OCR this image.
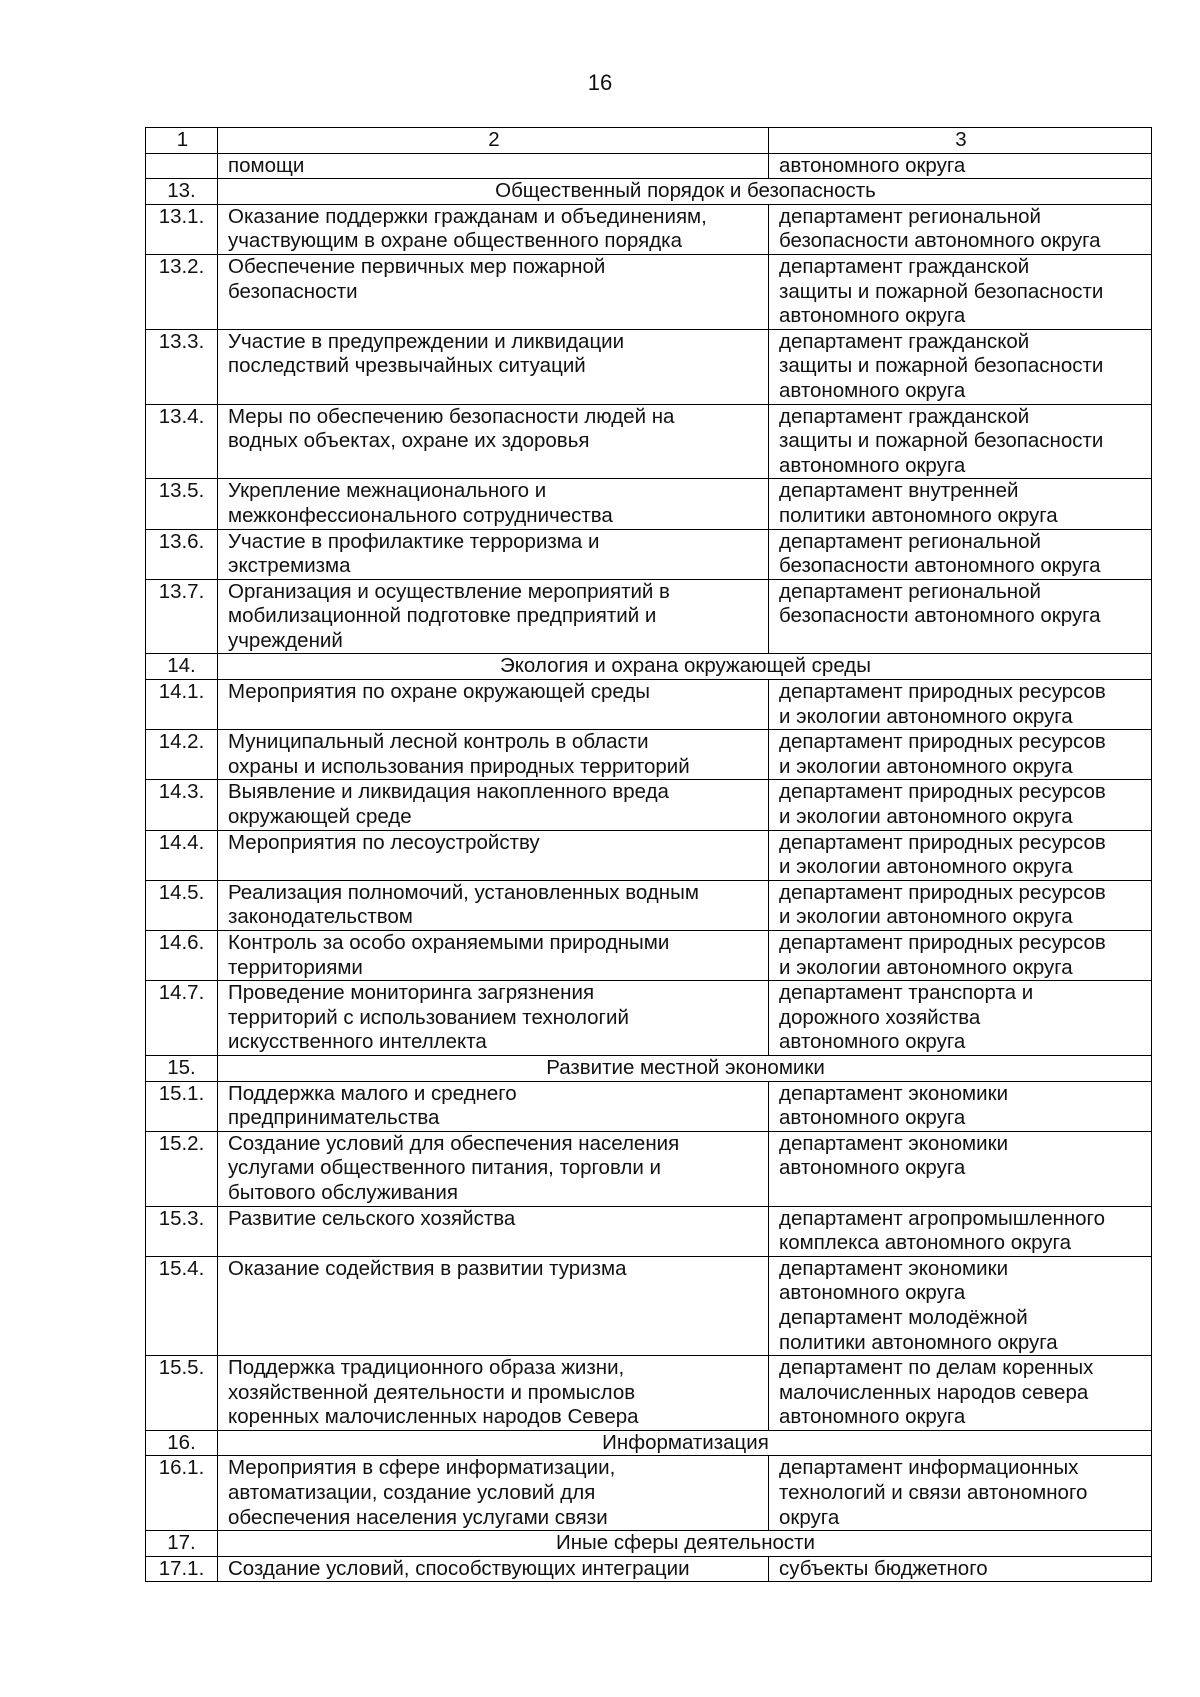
16
1	2	3
	помощи	автономного округа
13.	Общественный порядок и безопасность	
13.1.	Оказание поддержки гражданам и объединениям,
участвующим в охране общественного порядка	департамент региональной
безопасности автономного округа
13.2.	Обеспечение первичных мер пожарной
безопасности	департамент гражданской
защиты и пожарной безопасности
автономного округа
13.3.	Участие в предупреждении и ликвидации
последствий чрезвычайных ситуаций	департамент гражданской
защиты и пожарной безопасности
автономного округа
13.4.	Меры по обеспечению безопасности людей на
водных объектах, охране их здоровья	департамент гражданской
защиты и пожарной безопасности
автономного округа
13.5.	Укрепление межнационального и
межконфессионального сотрудничества	департамент внутренней
политики автономного округа
13.6.	Участие в профилактике терроризма и
экстремизма	департамент региональной
безопасности автономного округа
13.7.	Организация и осуществление мероприятий в
мобилизационной подготовке предприятий и
учреждений	департамент региональной
безопасности автономного округа
14.	Экология и охрана окружающей среды	
14.1.	Мероприятия по охране окружающей среды	департамент природных ресурсов
и экологии автономного округа
14.2.	Муниципальный лесной контроль в области
охраны и использования природных территорий	департамент природных ресурсов
и экологии автономного округа
14.3.	Выявление и ликвидация накопленного вреда
окружающей среде	департамент природных ресурсов
и экологии автономного округа
14.4.	Мероприятия по лесоустройству	департамент природных ресурсов
и экологии автономного округа
14.5.	Реализация полномочий, установленных водным
законодательством	департамент природных ресурсов
и экологии автономного округа
14.6.	Контроль за особо охраняемыми природными
территориями	департамент природных ресурсов
и экологии автономного округа
14.7.	Проведение мониторинга загрязнения
территорий с использованием технологий
искусственного интеллекта	департамент транспорта и
дорожного хозяйства
автономного округа
15.	Развитие местной экономики	
15.1.	Поддержка малого и среднего
предпринимательства	департамент экономики
автономного округа
15.2.	Создание условий для обеспечения населения
услугами общественного питания, торговли и
бытового обслуживания	департамент экономики
автономного округа
15.3.	Развитие сельского хозяйства	департамент агропромышленного
комплекса автономного округа
15.4.	Оказание содействия в развитии туризма	департамент экономики
автономного округа
департамент молодёжной
политики автономного округа
15.5.	Поддержка традиционного образа жизни,
хозяйственной деятельности и промыслов
коренных малочисленных народов Севера	департамент по делам коренных
малочисленных народов севера
автономного округа
16.	Информатизация	
16.1.	Мероприятия в сфере информатизации,
автоматизации, создание условий для
обеспечения населения услугами связи	департамент информационных
технологий и связи автономного
округа
17.	Иные сферы деятельности	
17.1.	Создание условий, способствующих интеграции	субъекты бюджетного
